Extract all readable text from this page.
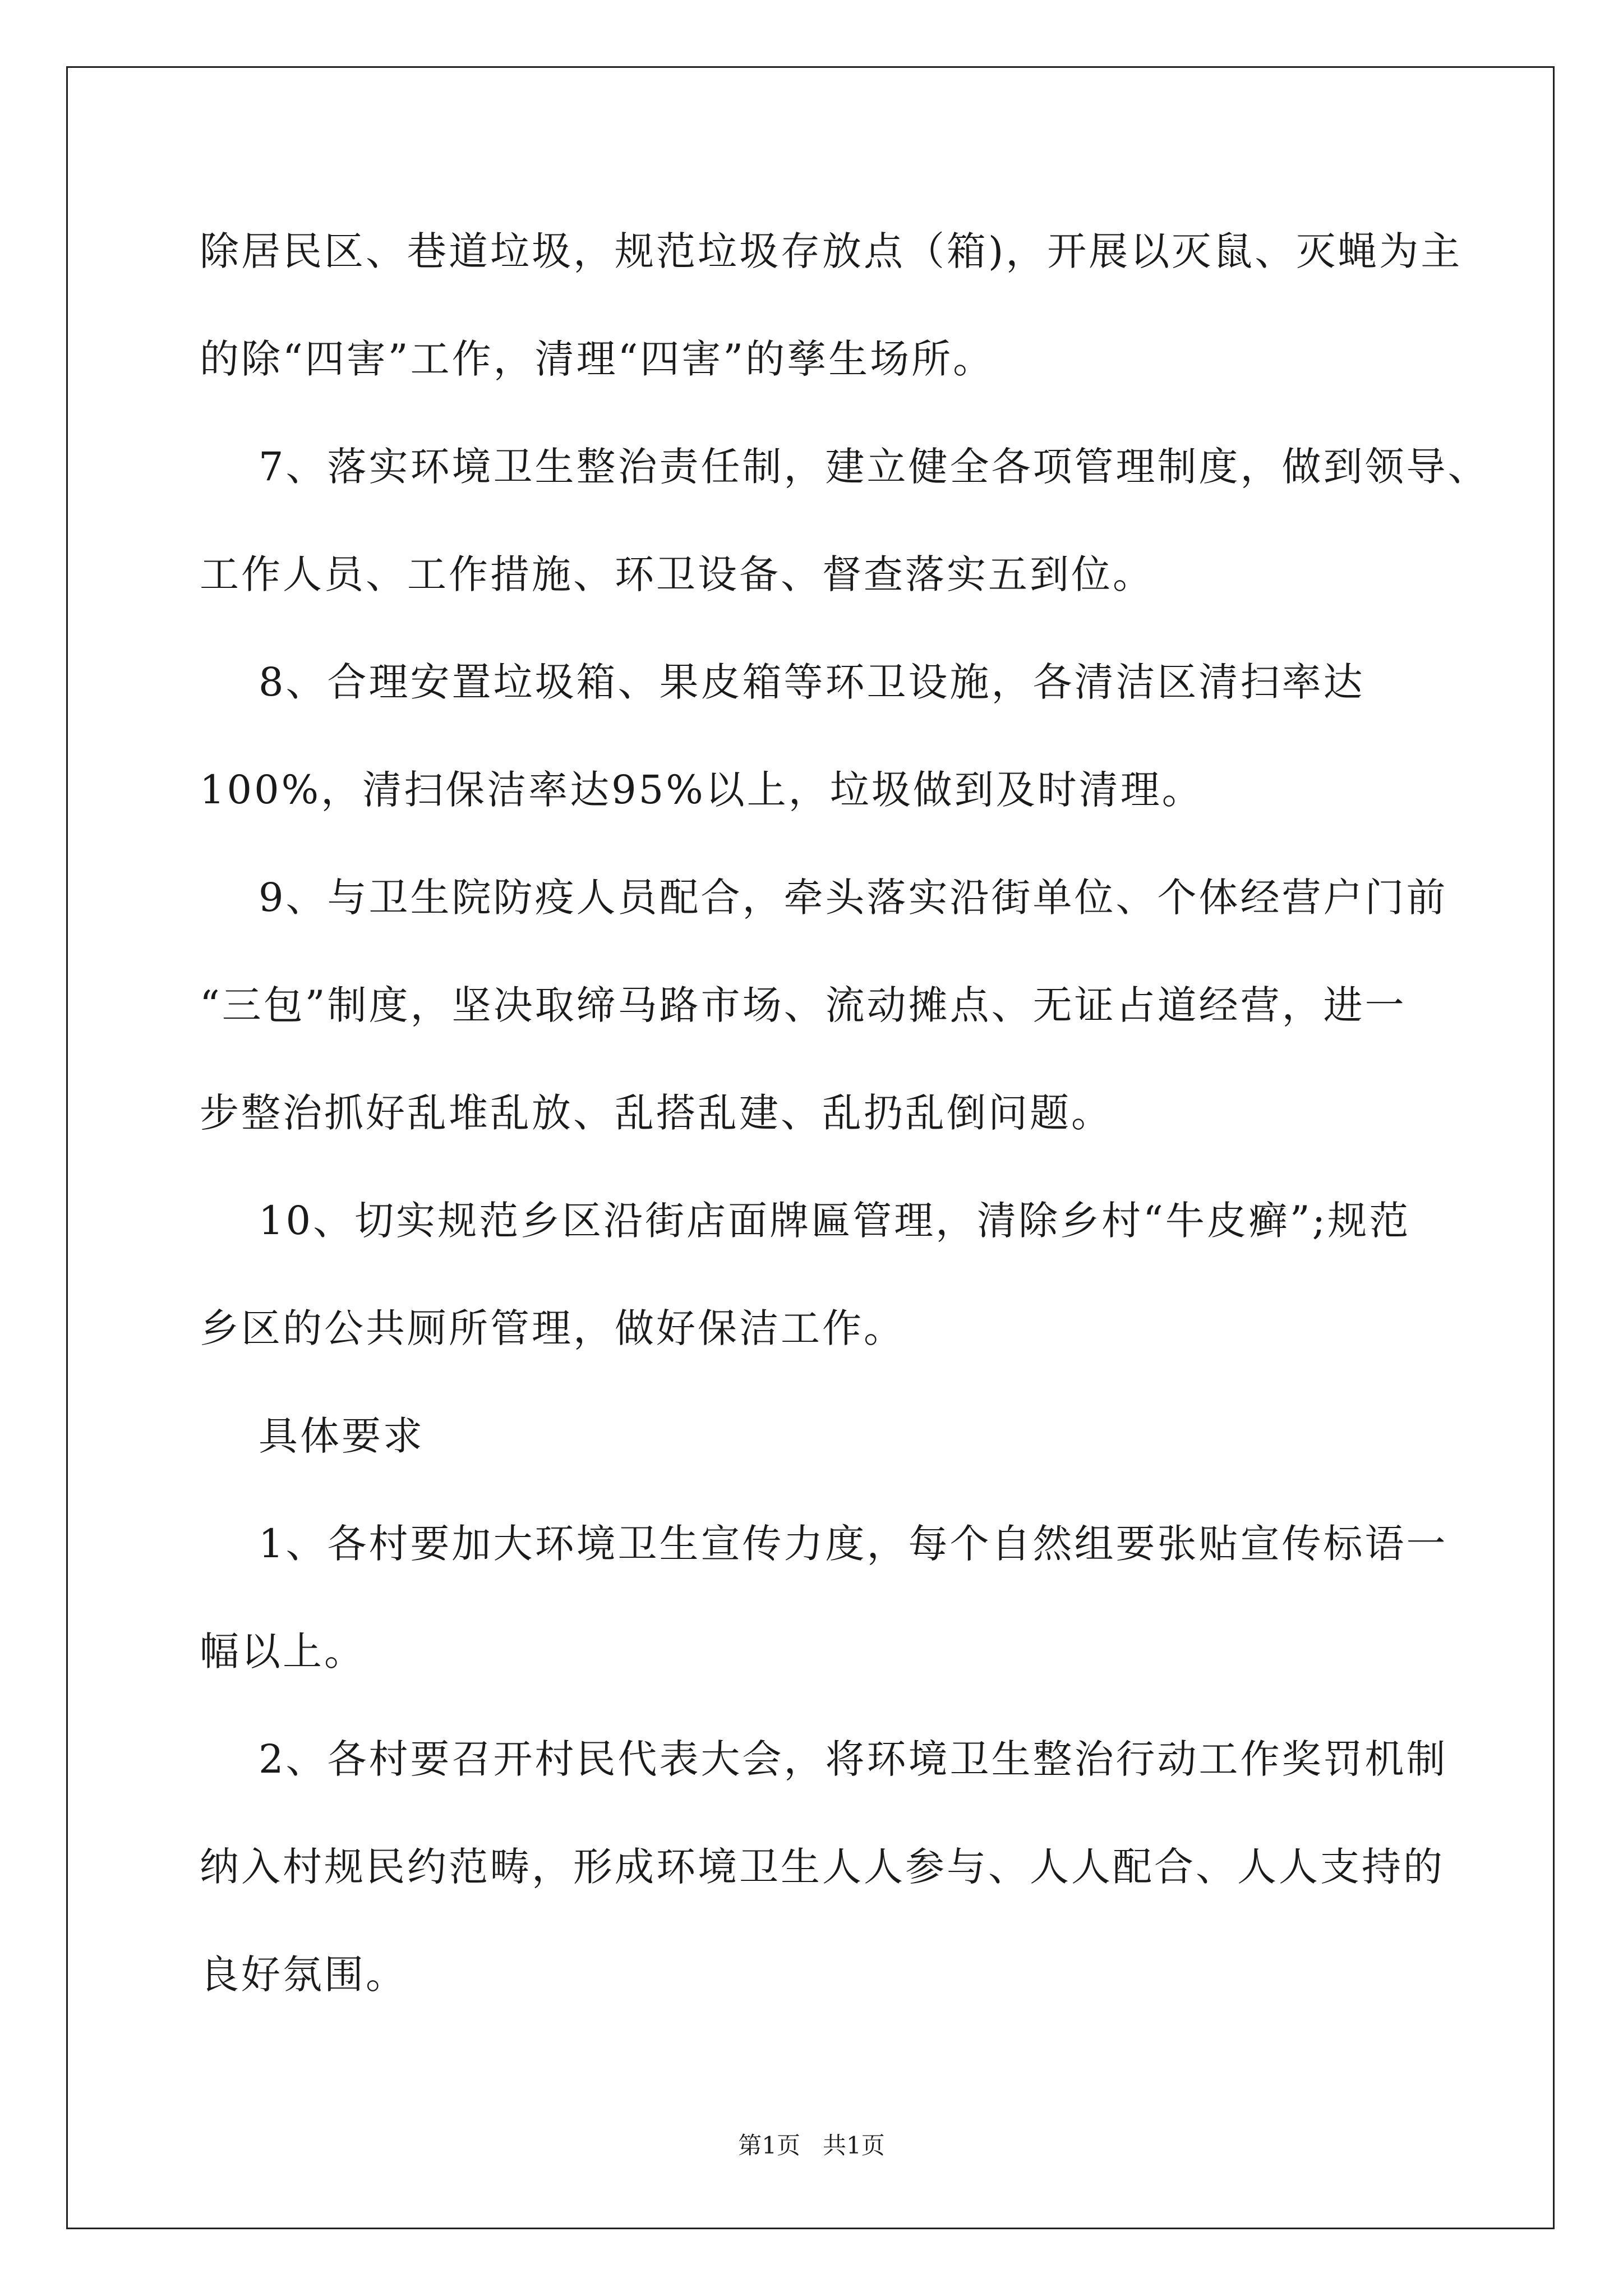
除居民区、巷道垃圾，规范垃圾存放点（箱)，开展以灭鼠、灭蝇为主
的除“四害”工作，清理“四害”的孳生场所。
7、落实环境卫生整治责任制，建立健全各项管理制度，做到领导、
工作人员、工作措施、环卫设备、督查落实五到位。
8、合理安置垃圾箱、果皮箱等环卫设施，各清洁区清扫率达
100%，清扫保洁率达95%以上，垃圾做到及时清理。
9、与卫生院防疫人员配合，牵头落实沿街单位、个体经营户门前
“三包”制度，坚决取缔马路市场、流动摊点、无证占道经营，进一
步整治抓好乱堆乱放、乱搭乱建、乱扔乱倒问题。
10、切实规范乡区沿街店面牌匾管理，清除乡村“牛皮癣”;规范
乡区的公共厕所管理，做好保洁工作。
具体要求
1、各村要加大环境卫生宣传力度，每个自然组要张贴宣传标语一
幅以上。
2、各村要召开村民代表大会，将环境卫生整治行动工作奖罚机制
纳入村规民约范畴，形成环境卫生人人参与、人人配合、人人支持的
良好氛围。
第1页   共1页
